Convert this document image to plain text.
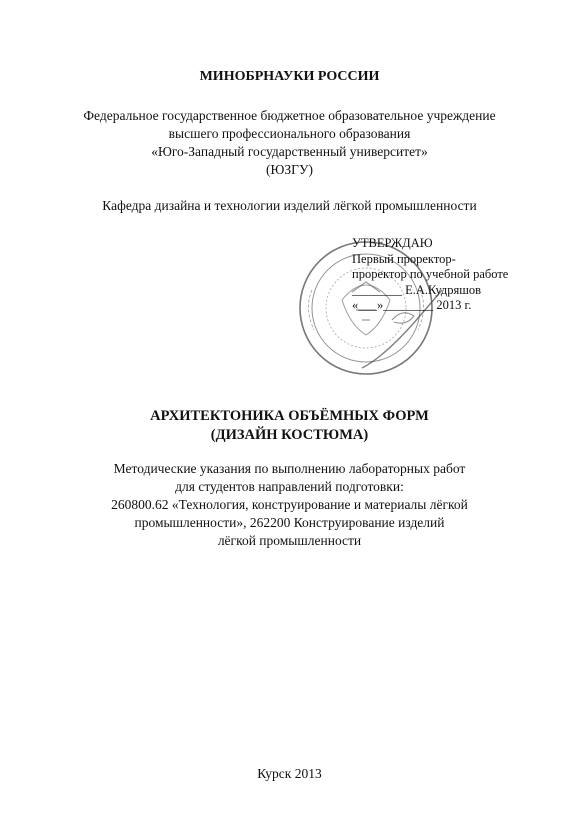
МИНОБРНАУКИ РОССИИ
Федеральное государственное бюджетное образовательное учреждение
высшего профессионального образования
«Юго-Западный государственный университет»
(ЮЗГУ)
Кафедра дизайна и технологии изделий лёгкой промышленности
УТВЕРЖДАЮ
Первый проректор-
проректор по учебной работе
________ Е.А.Кудряшов
«___»________ 2013 г.
АРХИТЕКТОНИКА ОБЪЁМНЫХ ФОРМ
(ДИЗАЙН КОСТЮМА)
Методические указания по выполнению лабораторных работ
для студентов направлений подготовки:
260800.62 «Технология, конструирование и материалы лёгкой
промышленности», 262200 Конструирование изделий
лёгкой промышленности
Курск 2013
